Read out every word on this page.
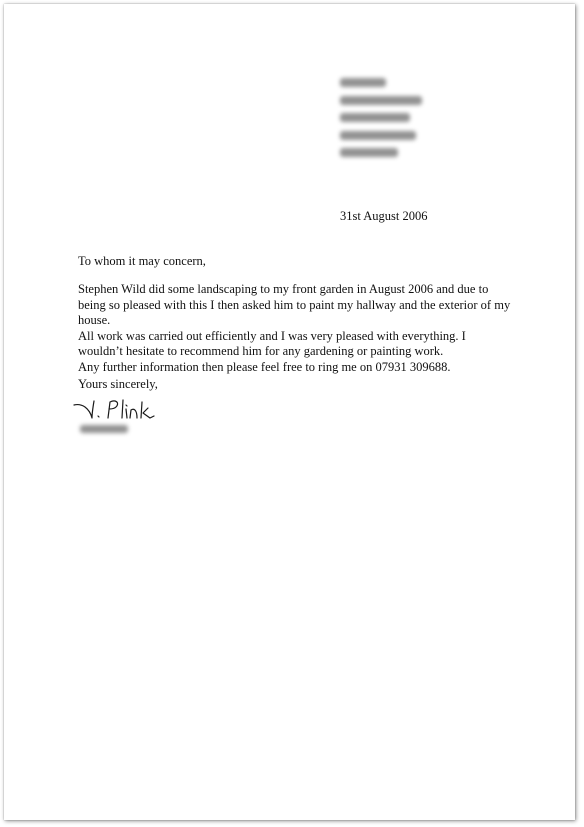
31st August 2006
To whom it may concern,
Stephen Wild did some landscaping to my front garden in August 2006 and due to
being so pleased with this I then asked him to paint my hallway and the exterior of my
house.
All work was carried out efficiently and I was very pleased with everything. I
wouldn’t hesitate to recommend him for any gardening or painting work.
Any further information then please feel free to ring me on 07931 309688.
Yours sincerely,
